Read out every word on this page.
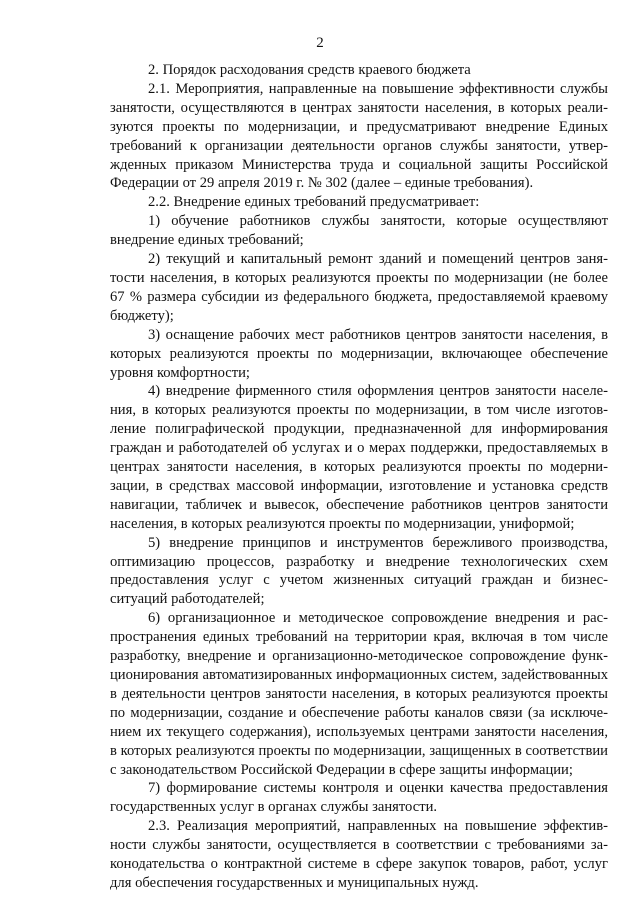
2

2. Порядок расходования средств краевого бюджета

2.1. Мероприятия, направленные на повышение эффективности службы занятости, осуществляются в центрах занятости населения, в которых реализуются проекты по модернизации, и предусматривают внедрение Единых требований к организации деятельности органов службы занятости, утвержденных приказом Министерства труда и социальной защиты Российской Федерации от 29 апреля 2019 г. № 302 (далее – единые требования).

2.2. Внедрение единых требований предусматривает:

1) обучение работников службы занятости, которые осуществляют внедрение единых требований;

2) текущий и капитальный ремонт зданий и помещений центров занятости населения, в которых реализуются проекты по модернизации (не более 67 % размера субсидии из федерального бюджета, предоставляемой краевому бюджету);

3) оснащение рабочих мест работников центров занятости населения, в которых реализуются проекты по модернизации, включающее обеспечение уровня комфортности;

4) внедрение фирменного стиля оформления центров занятости населения, в которых реализуются проекты по модернизации, в том числе изготовление полиграфической продукции, предназначенной для информирования граждан и работодателей об услугах и о мерах поддержки, предоставляемых в центрах занятости населения, в которых реализуются проекты по модернизации, в средствах массовой информации, изготовление и установка средств навигации, табличек и вывесок, обеспечение работников центров занятости населения, в которых реализуются проекты по модернизации, униформой;

5) внедрение принципов и инструментов бережливого производства, оптимизацию процессов, разработку и внедрение технологических схем предоставления услуг с учетом жизненных ситуаций граждан и бизнес-ситуаций работодателей;

6) организационное и методическое сопровождение внедрения и распространения единых требований на территории края, включая в том числе разработку, внедрение и организационно-методическое сопровождение функционирования автоматизированных информационных систем, задействованных в деятельности центров занятости населения, в которых реализуются проекты по модернизации, создание и обеспечение работы каналов связи (за исключением их текущего содержания), используемых центрами занятости населения, в которых реализуются проекты по модернизации, защищенных в соответствии с законодательством Российской Федерации в сфере защиты информации;

7) формирование системы контроля и оценки качества предоставления государственных услуг в органах службы занятости.

2.3. Реализация мероприятий, направленных на повышение эффективности службы занятости, осуществляется в соответствии с требованиями законодательства о контрактной системе в сфере закупок товаров, работ, услуг для обеспечения государственных и муниципальных нужд.
